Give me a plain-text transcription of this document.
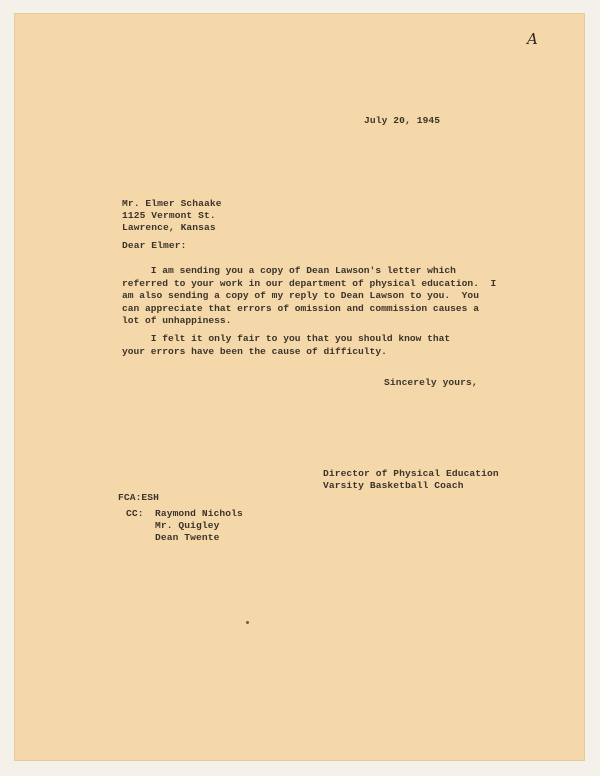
A
July 20, 1945
Mr. Elmer Schaake
1125 Vermont St.
Lawrence, Kansas
Dear Elmer:
I am sending you a copy of Dean Lawson's letter which
referred to your work in our department of physical education.  I
am also sending a copy of my reply to Dean Lawson to you.  You
can appreciate that errors of omission and commission causes a
lot of unhappiness.
I felt it only fair to you that you should know that
your errors have been the cause of difficulty.
Sincerely yours,
Director of Physical Education
Varsity Basketball Coach
FCA:ESH
CC: Raymond Nichols
Mr. Quigley
Dean Twente
